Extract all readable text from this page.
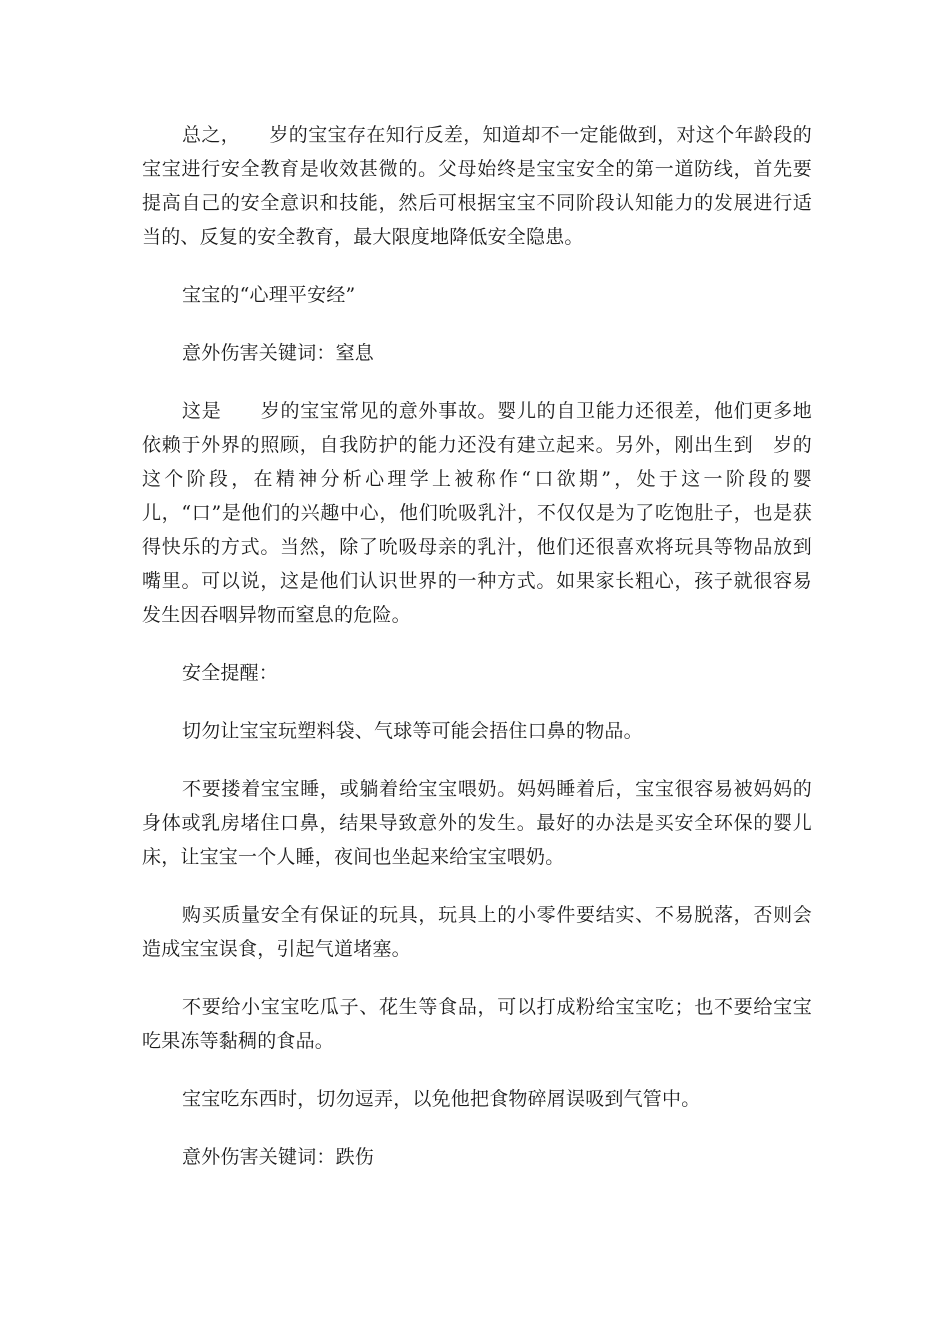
总之，　　岁的宝宝存在知行反差，知道却不一定能做到，对这个年龄段的宝宝进行安全教育是收效甚微的。父母始终是宝宝安全的第一道防线，首先要提高自己的安全意识和技能，然后可根据宝宝不同阶段认知能力的发展进行适当的、反复的安全教育，最大限度地降低安全隐患。

宝宝的“心理平安经”

意外伤害关键词：窒息

这是　　岁的宝宝常见的意外事故。婴儿的自卫能力还很差，他们更多地依赖于外界的照顾，自我防护的能力还没有建立起来。另外，刚出生到　岁的这个阶段，在精神分析心理学上被称作“口欲期”，处于这一阶段的婴儿，“口”是他们的兴趣中心，他们吮吸乳汁，不仅仅是为了吃饱肚子，也是获得快乐的方式。当然，除了吮吸母亲的乳汁，他们还很喜欢将玩具等物品放到嘴里。可以说，这是他们认识世界的一种方式。如果家长粗心，孩子就很容易发生因吞咽异物而窒息的危险。

安全提醒：

切勿让宝宝玩塑料袋、气球等可能会捂住口鼻的物品。

不要搂着宝宝睡，或躺着给宝宝喂奶。妈妈睡着后，宝宝很容易被妈妈的身体或乳房堵住口鼻，结果导致意外的发生。最好的办法是买安全环保的婴儿床，让宝宝一个人睡，夜间也坐起来给宝宝喂奶。

购买质量安全有保证的玩具，玩具上的小零件要结实、不易脱落，否则会造成宝宝误食，引起气道堵塞。

不要给小宝宝吃瓜子、花生等食品，可以打成粉给宝宝吃；也不要给宝宝吃果冻等黏稠的食品。

宝宝吃东西时，切勿逗弄，以免他把食物碎屑误吸到气管中。

意外伤害关键词：跌伤
